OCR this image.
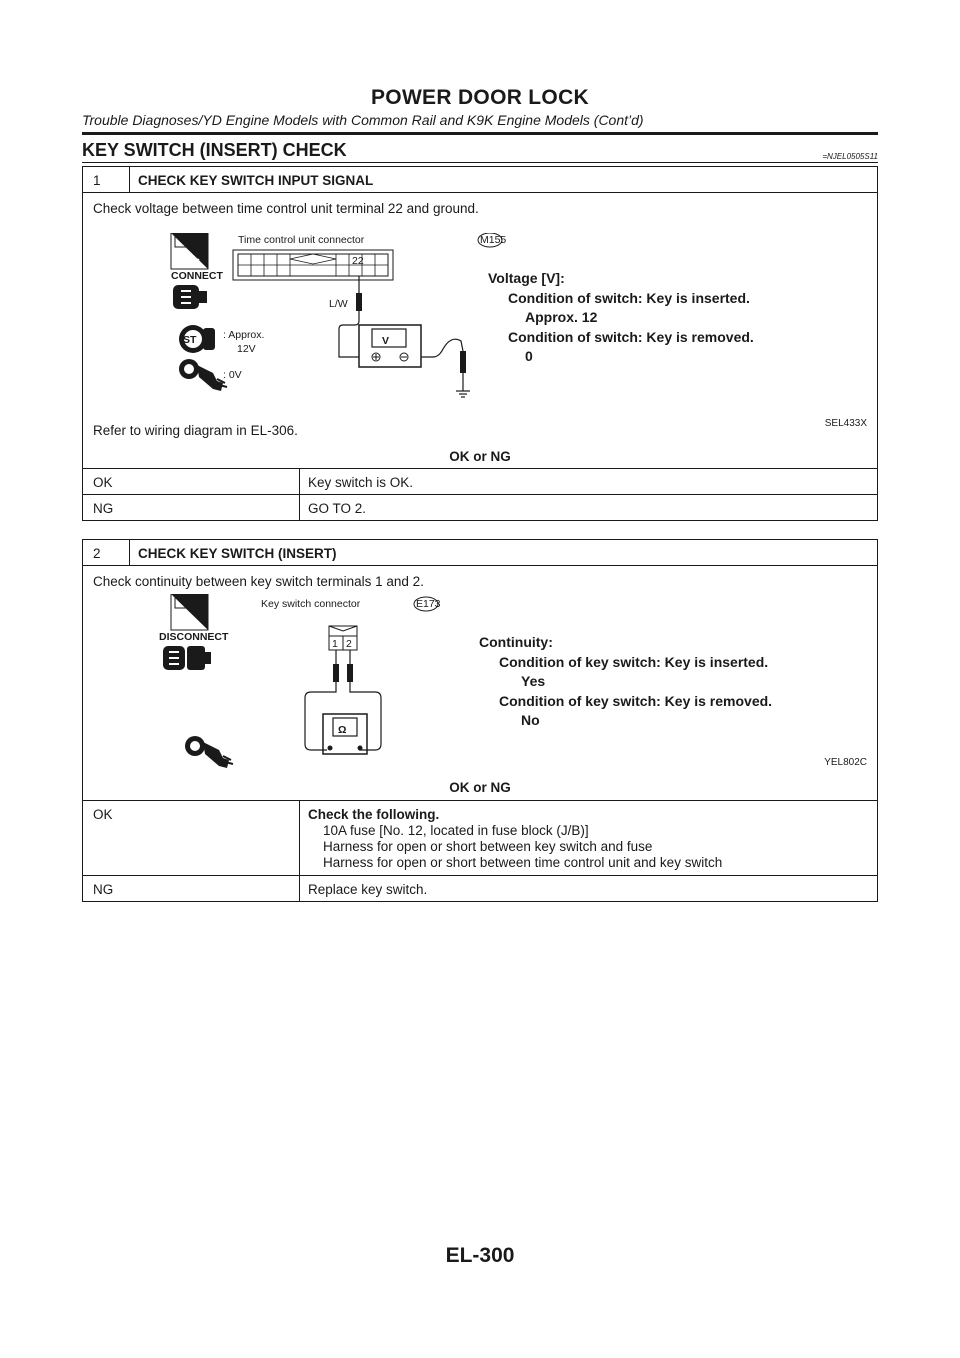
POWER DOOR LOCK
Trouble Diagnoses/YD Engine Models with Common Rail and K9K Engine Models (Cont’d)
KEY SWITCH (INSERT) CHECK	=NJEL0505S11
1	CHECK KEY SWITCH INPUT SIGNAL
Check voltage between time control unit terminal 22 and ground.
H.S.
CONNECT
Time control unit connector	M155
22
L/W
V
ST	: Approx.
12V
: 0V
Voltage [V]:
Condition of switch: Key is inserted.
Approx. 12
Condition of switch: Key is removed.
0
SEL433X
Refer to wiring diagram in EL-306.
OK or NG
OK	Key switch is OK.
NG	GO TO 2.
2	CHECK KEY SWITCH (INSERT)
Check continuity between key switch terminals 1 and 2.
T.S.
DISCONNECT
Key switch connector	E173
1 2
Ω
Continuity:
Condition of key switch: Key is inserted.
Yes
Condition of key switch: Key is removed.
No
YEL802C
OK or NG
OK	Check the following.
10A fuse [No. 12, located in fuse block (J/B)]
Harness for open or short between key switch and fuse
Harness for open or short between time control unit and key switch
NG	Replace key switch.
EL-300
